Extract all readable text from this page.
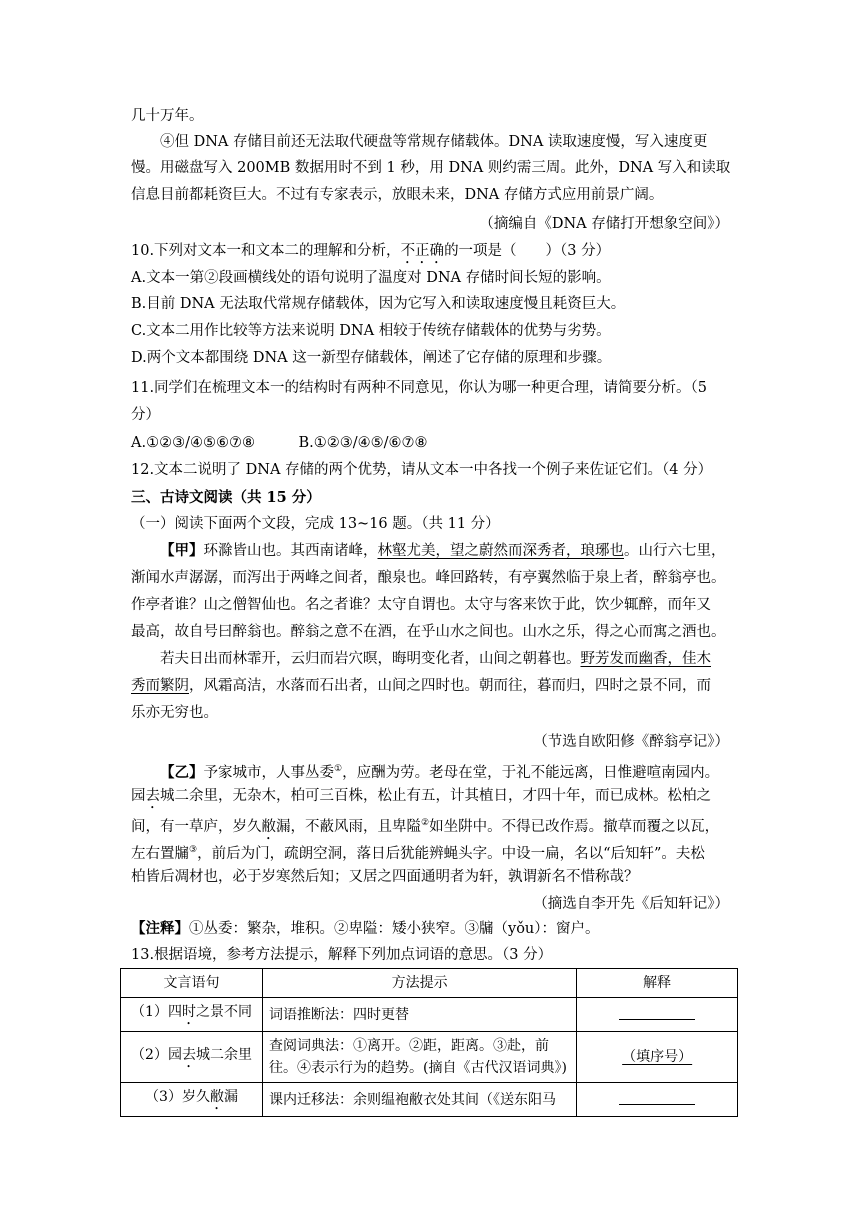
几十万年。
④但 DNA 存储目前还无法取代硬盘等常规存储载体。DNA 读取速度慢，写入速度更
慢。用磁盘写入 200MB 数据用时不到 1 秒，用 DNA 则约需三周。此外，DNA 写入和读取
信息目前都耗资巨大。不过有专家表示，放眼未来，DNA 存储方式应用前景广阔。
（摘编自《DNA 存储打开想象空间》）
10.下列对文本一和文本二的理解和分析，不正确的一项是（　　）（3 分）
A.文本一第②段画横线处的语句说明了温度对 DNA 存储时间长短的影响。
B.目前 DNA 无法取代常规存储载体，因为它写入和读取速度慢且耗资巨大。
C.文本二用作比较等方法来说明 DNA 相较于传统存储载体的优势与劣势。
D.两个文本都围绕 DNA 这一新型存储载体，阐述了它存储的原理和步骤。
11.同学们在梳理文本一的结构时有两种不同意见，你认为哪一种更合理，请简要分析。（5
分）
A.①②③/④⑤⑥⑦⑧　　　B.①②③/④⑤/⑥⑦⑧
12.文本二说明了 DNA 存储的两个优势，请从文本一中各找一个例子来佐证它们。（4 分）
三、古诗文阅读（共 15 分）
（一）阅读下面两个文段，完成 13~16 题。（共 11 分）
【甲】环滁皆山也。其西南诸峰，林壑尤美，望之蔚然而深秀者，琅琊也。山行六七里，
渐闻水声潺潺，而泻出于两峰之间者，酿泉也。峰回路转，有亭翼然临于泉上者，醉翁亭也。
作亭者谁？山之僧智仙也。名之者谁？太守自谓也。太守与客来饮于此，饮少辄醉，而年又
最高，故自号曰醉翁也。醉翁之意不在酒，在乎山水之间也。山水之乐，得之心而寓之酒也。
若夫日出而林霏开，云归而岩穴暝，晦明变化者，山间之朝暮也。野芳发而幽香，佳木
秀而繁阴，风霜高洁，水落而石出者，山间之四时也。朝而往，暮而归，四时之景不同，而
乐亦无穷也。
（节选自欧阳修《醉翁亭记》）
【乙】予家城市，人事丛委①，应酬为劳。老母在堂，于礼不能远离，日惟避喧南园内。
园去城二余里，无杂木，柏可三百株，松止有五，计其植日，才四十年，而已成林。松柏之
间，有一草庐，岁久敝漏，不蔽风雨，且卑隘②如坐阱中。不得已改作焉。撤草而覆之以瓦，
左右置牖③，前后为门，疏朗空洞，落日后犹能辨蝇头字。中设一扁，名以“后知轩”。夫松
柏皆后凋材也，必于岁寒然后知；又居之四面通明者为轩，孰谓新名不惜称哉？
（摘选自李开先《后知轩记》）
【注释】①丛委：繁杂，堆积。②卑隘：矮小狭窄。③牖（yǒu）：窗户。
13.根据语境，参考方法提示，解释下列加点词语的意思。（3 分）
文言语句	方法提示	解释
（1）四时之景不同	词语推断法：四时更替	
（2）园去城二余里	查阅词典法：①离开。②距，距离。③赴，前
往。④表示行为的趋势。(摘自《古代汉语词典》)	（填序号）
（3）岁久敝漏	课内迁移法：余则缊袍敝衣处其间（《送东阳马	
